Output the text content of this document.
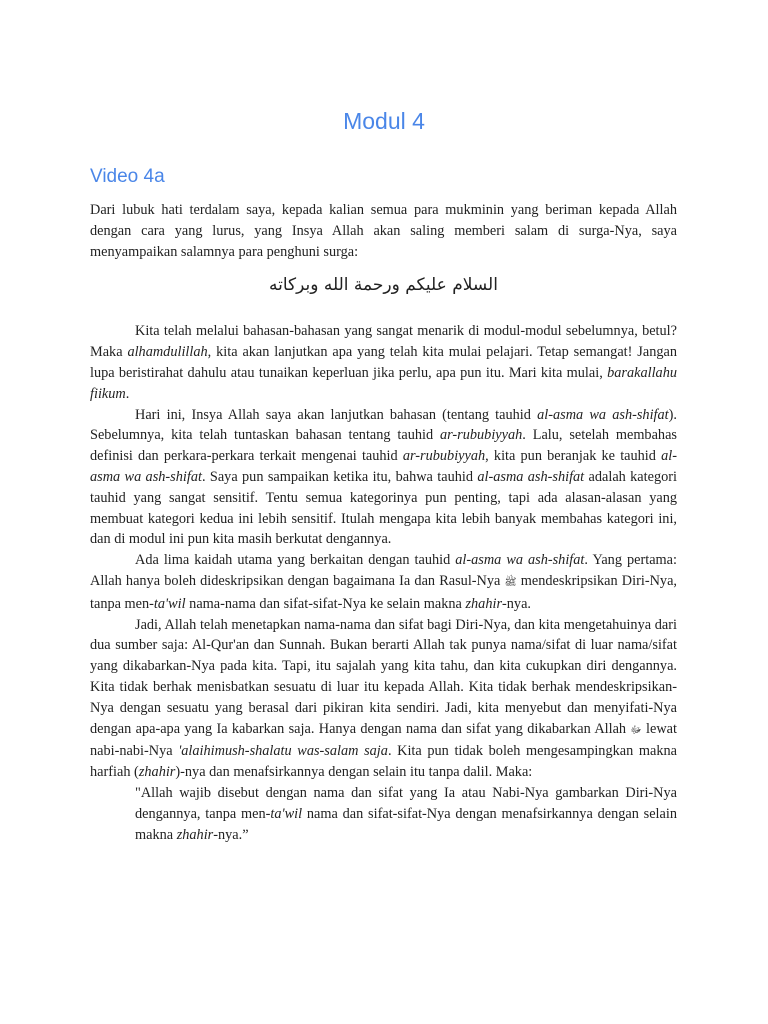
Modul 4
Video 4a

Dari lubuk hati terdalam saya, kepada kalian semua para mukminin yang beriman kepada Allah dengan cara yang lurus, yang Insya Allah akan saling memberi salam di surga-Nya, saya menyampaikan salamnya para penghuni surga:

السلام عليكم ورحمة الله وبركاته

Kita telah melalui bahasan-bahasan yang sangat menarik di modul-modul sebelumnya, betul? Maka alhamdulillah, kita akan lanjutkan apa yang telah kita mulai pelajari. Tetap semangat! Jangan lupa beristirahat dahulu atau tunaikan keperluan jika perlu, apa pun itu. Mari kita mulai, barakallahu fiikum.

Hari ini, Insya Allah saya akan lanjutkan bahasan (tentang tauhid al-asma wa ash-shifat). Sebelumnya, kita telah tuntaskan bahasan tentang tauhid ar-rububiyyah. Lalu, setelah membahas definisi dan perkara-perkara terkait mengenai tauhid ar-rububiyyah, kita pun beranjak ke tauhid al-asma wa ash-shifat. Saya pun sampaikan ketika itu, bahwa tauhid al-asma ash-shifat adalah kategori tauhid yang sangat sensitif. Tentu semua kategorinya pun penting, tapi ada alasan-alasan yang membuat kategori kedua ini lebih sensitif. Itulah mengapa kita lebih banyak membahas kategori ini, dan di modul ini pun kita masih berkutat dengannya.

Ada lima kaidah utama yang berkaitan dengan tauhid al-asma wa ash-shifat. Yang pertama: Allah hanya boleh dideskripsikan dengan bagaimana Ia dan Rasul-Nya ﷺ mendeskripsikan Diri-Nya, tanpa men-ta'wil nama-nama dan sifat-sifat-Nya ke selain makna zhahir-nya.

Jadi, Allah telah menetapkan nama-nama dan sifat bagi Diri-Nya, dan kita mengetahuinya dari dua sumber saja: Al-Qur'an dan Sunnah. Bukan berarti Allah tak punya nama/sifat di luar nama/sifat yang dikabarkan-Nya pada kita. Tapi, itu sajalah yang kita tahu, dan kita cukupkan diri dengannya. Kita tidak berhak menisbatkan sesuatu di luar itu kepada Allah. Kita tidak berhak mendeskripsikan-Nya dengan sesuatu yang berasal dari pikiran kita sendiri. Jadi, kita menyebut dan menyifati-Nya dengan apa-apa yang Ia kabarkan saja. Hanya dengan nama dan sifat yang dikabarkan Allah ﷻ lewat nabi-nabi-Nya 'alaihimush-shalatu was-salam saja. Kita pun tidak boleh mengesampingkan makna harfiah (zhahir)-nya dan menafsirkannya dengan selain itu tanpa dalil. Maka:

"Allah wajib disebut dengan nama dan sifat yang Ia atau Nabi-Nya gambarkan Diri-Nya dengannya, tanpa men-ta'wil nama dan sifat-sifat-Nya dengan menafsirkannya dengan selain makna zhahir-nya.”
